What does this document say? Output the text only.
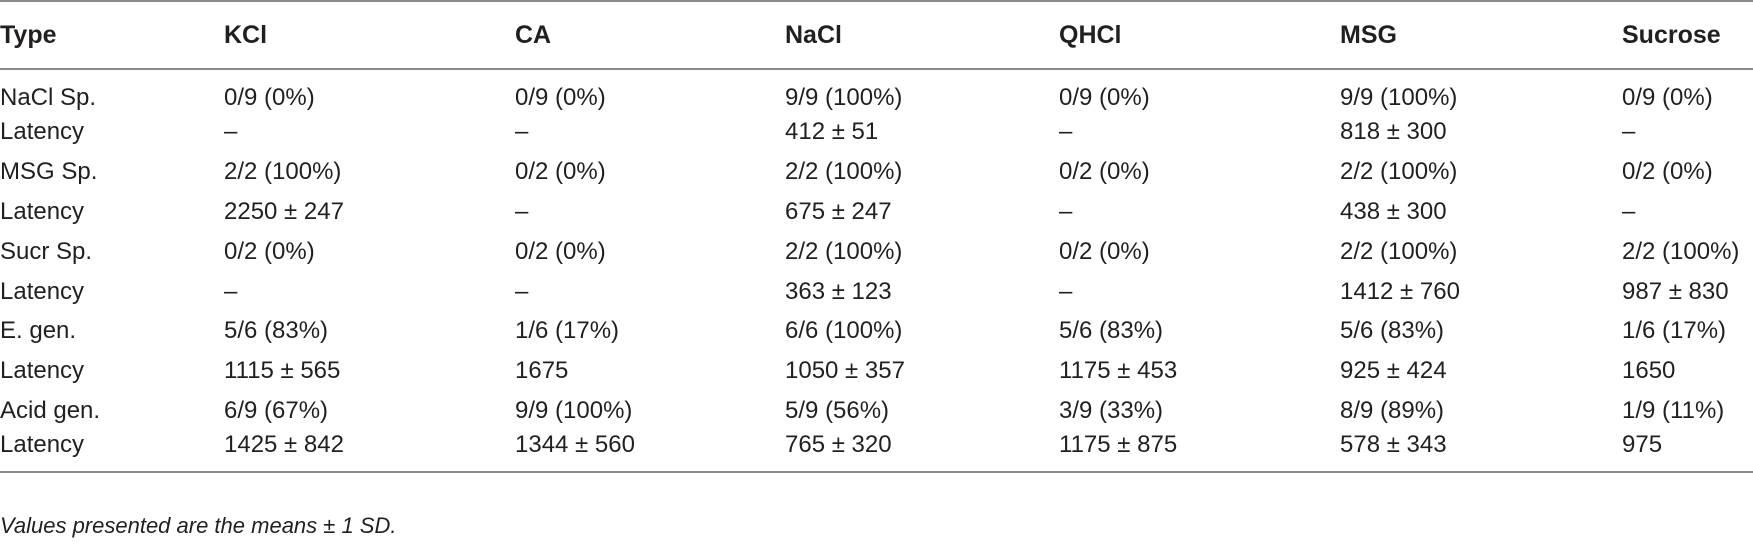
Type	KCl	CA	NaCl	QHCl	MSG	Sucrose
NaCl Sp.	0/9 (0%)	0/9 (0%)	9/9 (100%)	0/9 (0%)	9/9 (100%)	0/9 (0%)
Latency	–	–	412 ± 51	–	818 ± 300	–
MSG Sp.	2/2 (100%)	0/2 (0%)	2/2 (100%)	0/2 (0%)	2/2 (100%)	0/2 (0%)
Latency	2250 ± 247	–	675 ± 247	–	438 ± 300	–
Sucr Sp.	0/2 (0%)	0/2 (0%)	2/2 (100%)	0/2 (0%)	2/2 (100%)	2/2 (100%)
Latency	–	–	363 ± 123	–	1412 ± 760	987 ± 830
E. gen.	5/6 (83%)	1/6 (17%)	6/6 (100%)	5/6 (83%)	5/6 (83%)	1/6 (17%)
Latency	1115 ± 565	1675	1050 ± 357	1175 ± 453	925 ± 424	1650
Acid gen.	6/9 (67%)	9/9 (100%)	5/9 (56%)	3/9 (33%)	8/9 (89%)	1/9 (11%)
Latency	1425 ± 842	1344 ± 560	765 ± 320	1175 ± 875	578 ± 343	975
Values presented are the means ± 1 SD.
